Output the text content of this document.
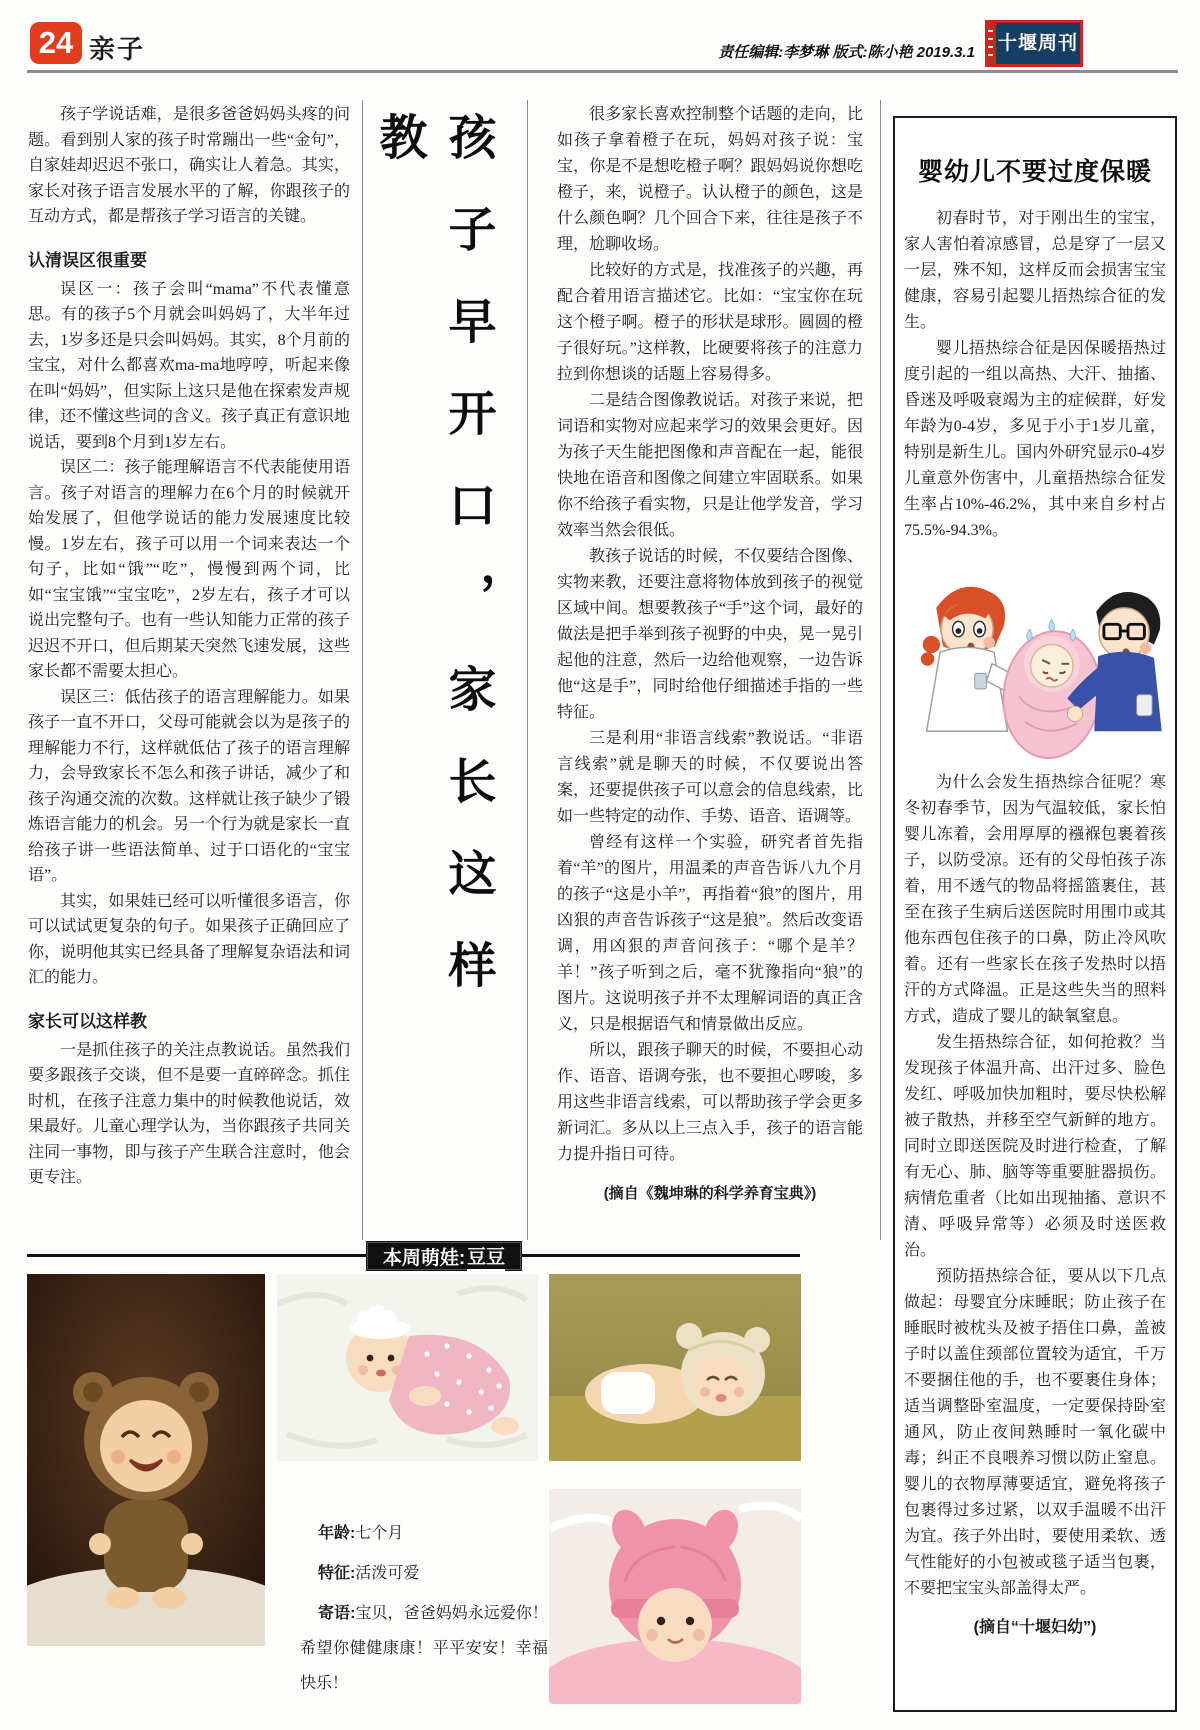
24 亲子	责任编辑:李梦琳 版式:陈小艳 2019.3.1 十堰周刊

孩子学说话难，是很多爸爸妈妈头疼的问题。看到别人家的孩子时常蹦出一些“金句”，自家娃却迟迟不张口，确实让人着急。其实，家长对孩子语言发展水平的了解，你跟孩子的互动方式，都是帮孩子学习语言的关键。

认清误区很重要

误区一：孩子会叫“mama”不代表懂意思。有的孩子5个月就会叫妈妈了，大半年过去，1岁多还是只会叫妈妈。其实，8个月前的宝宝，对什么都喜欢ma-ma地哼哼，听起来像在叫“妈妈”，但实际上这只是他在探索发声规律，还不懂这些词的含义。孩子真正有意识地说话，要到8个月到1岁左右。

误区二：孩子能理解语言不代表能使用语言。孩子对语言的理解力在6个月的时候就开始发展了，但他学说话的能力发展速度比较慢。1岁左右，孩子可以用一个词来表达一个句子，比如“饿”“吃”，慢慢到两个词，比如“宝宝饿”“宝宝吃”，2岁左右，孩子才可以说出完整句子。也有一些认知能力正常的孩子迟迟不开口，但后期某天突然飞速发展，这些家长都不需要太担心。

误区三：低估孩子的语言理解能力。如果孩子一直不开口，父母可能就会以为是孩子的理解能力不行，这样就低估了孩子的语言理解力，会导致家长不怎么和孩子讲话，减少了和孩子沟通交流的次数。这样就让孩子缺少了锻炼语言能力的机会。另一个行为就是家长一直给孩子讲一些语法简单、过于口语化的“宝宝语”。

其实，如果娃已经可以听懂很多语言，你可以试试更复杂的句子。如果孩子正确回应了你，说明他其实已经具备了理解复杂语法和词汇的能力。

家长可以这样教

一是抓住孩子的关注点教说话。虽然我们要多跟孩子交谈，但不是要一直碎碎念。抓住时机，在孩子注意力集中的时候教他说话，效果最好。儿童心理学认为，当你跟孩子共同关注同一事物，即与孩子产生联合注意时，他会更专注。

孩子早开口，家长这样教	很多家长喜欢控制整个话题的走向，比如孩子拿着橙子在玩，妈妈对孩子说：宝宝，你是不是想吃橙子啊？跟妈妈说你想吃橙子，来，说橙子。认认橙子的颜色，这是什么颜色啊？几个回合下来，往往是孩子不理，尬聊收场。

比较好的方式是，找准孩子的兴趣，再配合着用语言描述它。比如：“宝宝你在玩这个橙子啊。橙子的形状是球形。圆圆的橙子很好玩。”这样教，比硬要将孩子的注意力拉到你想谈的话题上容易得多。

二是结合图像教说话。对孩子来说，把词语和实物对应起来学习的效果会更好。因为孩子天生能把图像和声音配在一起，能很快地在语音和图像之间建立牢固联系。如果你不给孩子看实物，只是让他学发音，学习效率当然会很低。

教孩子说话的时候，不仅要结合图像、实物来教，还要注意将物体放到孩子的视觉区域中间。想要教孩子“手”这个词，最好的做法是把手举到孩子视野的中央，晃一晃引起他的注意，然后一边给他观察，一边告诉他“这是手”，同时给他仔细描述手指的一些特征。

三是利用“非语言线索”教说话。“非语言线索”就是聊天的时候，不仅要说出答案，还要提供孩子可以意会的信息线索，比如一些特定的动作、手势、语音、语调等。

曾经有这样一个实验，研究者首先指着“羊”的图片，用温柔的声音告诉八九个月的孩子“这是小羊”，再指着“狼”的图片，用凶狠的声音告诉孩子“这是狼”。然后改变语调，用凶狠的声音问孩子：“哪个是羊？羊！”孩子听到之后，毫不犹豫指向“狼”的图片。这说明孩子并不太理解词语的真正含义，只是根据语气和情景做出反应。

所以，跟孩子聊天的时候，不要担心动作、语音、语调夸张，也不要担心啰唆，多用这些非语言线索，可以帮助孩子学会更多新词汇。多从以上三点入手，孩子的语言能力提升指日可待。

(摘自《魏坤琳的科学养育宝典》)
婴幼儿不要过度保暖

初春时节，对于刚出生的宝宝，家人害怕着凉感冒，总是穿了一层又一层，殊不知，这样反而会损害宝宝健康，容易引起婴儿捂热综合征的发生。

婴儿捂热综合征是因保暖捂热过度引起的一组以高热、大汗、抽搐、昏迷及呼吸衰竭为主的症候群，好发年龄为0-4岁，多见于小于1岁儿童，特别是新生儿。国内外研究显示0-4岁儿童意外伤害中，儿童捂热综合征发生率占10%-46.2%，其中来自乡村占75.5%-94.3%。

为什么会发生捂热综合征呢？寒冬初春季节，因为气温较低，家长怕婴儿冻着，会用厚厚的襁褓包裹着孩子，以防受凉。还有的父母怕孩子冻着，用不透气的物品将摇篮裹住，甚至在孩子生病后送医院时用围巾或其他东西包住孩子的口鼻，防止冷风吹着。还有一些家长在孩子发热时以捂汗的方式降温。正是这些失当的照料方式，造成了婴儿的缺氧窒息。

发生捂热综合征，如何抢救？当发现孩子体温升高、出汗过多、脸色发红、呼吸加快加粗时，要尽快松解被子散热，并移至空气新鲜的地方。同时立即送医院及时进行检查，了解有无心、肺、脑等等重要脏器损伤。病情危重者（比如出现抽搐、意识不清、呼吸异常等）必须及时送医救治。

预防捂热综合征，要从以下几点做起：母婴宜分床睡眠；防止孩子在睡眠时被枕头及被子捂住口鼻，盖被子时以盖住颈部位置较为适宜，千万不要捆住他的手，也不要裹住身体；适当调整卧室温度，一定要保持卧室通风，防止夜间熟睡时一氧化碳中毒；纠正不良喂养习惯以防止窒息。婴儿的衣物厚薄要适宜，避免将孩子包裹得过多过紧，以双手温暖不出汗为宜。孩子外出时，要使用柔软、透气性能好的小包被或毯子适当包裹，不要把宝宝头部盖得太严。

(摘自“十堰妇幼”)
本周萌娃: 豆豆
年龄:七个月
特征:活泼可爱
寄语:宝贝，爸爸妈妈永远爱你！希望你健健康康！平平安安！幸福快乐！
